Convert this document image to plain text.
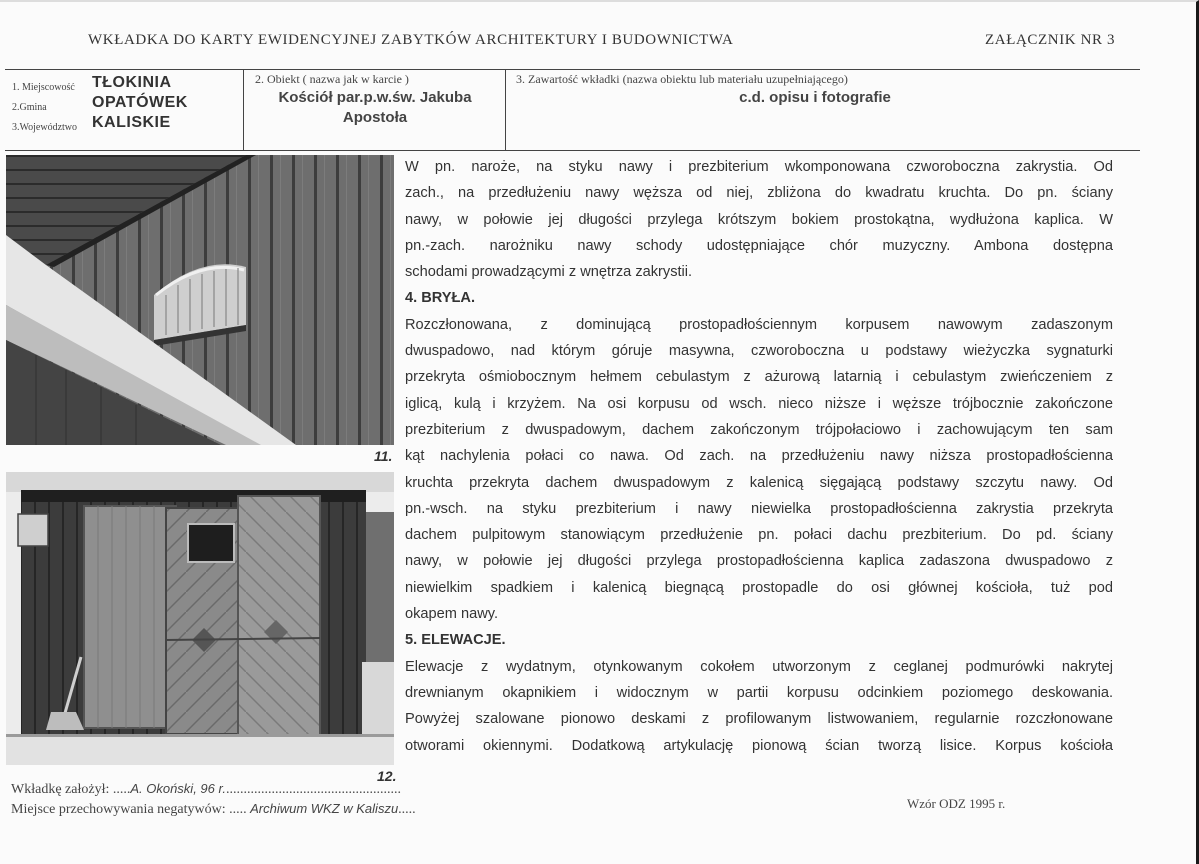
WKŁADKA DO KARTY EWIDENCYJNEJ ZABYTKÓW ARCHITEKTURY I BUDOWNICTWA	ZAŁĄCZNIK NR 3
1. Miejscowość TŁOKINIA
2.Gmina	OPATÓWEK
3.Województwo KALISKIE
2. Obiekt ( nazwa jak w karcie )
Kościół par.p.w.św. Jakuba
Apostoła
3. Zawartość wkładki (nazwa obiektu lub materiału uzupełniającego)
c.d. opisu i fotografie
11.
12.
W pn. naroże, na styku nawy i prezbiterium wkomponowana czworoboczna zakrystia. Od
zach., na przedłużeniu nawy węższa od niej, zbliżona do kwadratu kruchta. Do pn. ściany
nawy, w połowie jej długości przylega krótszym bokiem prostokątna, wydłużona kaplica. W
pn.-zach. narożniku nawy schody udostępniające chór muzyczny. Ambona dostępna
schodami prowadzącymi z wnętrza zakrystii.
4. BRYŁA.
Rozczłonowana, z dominującą prostopadłościennym korpusem nawowym zadaszonym
dwuspadowo, nad którym góruje masywna, czworoboczna u podstawy wieżyczka sygnaturki
przekryta ośmiobocznym hełmem cebulastym z ażurową latarnią i cebulastym zwieńczeniem z
iglicą, kulą i krzyżem. Na osi korpusu od wsch. nieco niższe i węższe trójbocznie zakończone
prezbiterium z dwuspadowym, dachem zakończonym trójpołaciowo i zachowującym ten sam
kąt nachylenia połaci co nawa. Od zach. na przedłużeniu nawy niższa prostopadłościenna
kruchta przekryta dachem dwuspadowym z kalenicą sięgającą podstawy szczytu nawy. Od
pn.-wsch. na styku prezbiterium i nawy niewielka prostopadłościenna zakrystia przekryta
dachem pulpitowym stanowiącym przedłużenie pn. połaci dachu prezbiterium. Do pd. ściany
nawy, w połowie jej długości przylega prostopadłościenna kaplica zadaszona dwuspadowo z
niewielkim spadkiem i kalenicą biegnącą prostopadle do osi głównej kościoła, tuż pod
okapem nawy.
5. ELEWACJE.
Elewacje z wydatnym, otynkowanym cokołem utworzonym z ceglanej podmurówki nakrytej
drewnianym okapnikiem i widocznym w partii korpusu odcinkiem poziomego deskowania.
Powyżej szalowane pionowo deskami z profilowanym listwowaniem, regularnie rozczłonowane
otworami okiennymi. Dodatkową artykulację pionową ścian tworzą lisice. Korpus kościoła
Wkładkę założył: .....A. Okoński, 96 r...................................................
Miejsce przechowywania negatywów: ..... Archiwum WKZ w Kaliszu.....	Wzór ODZ 1995 r.
